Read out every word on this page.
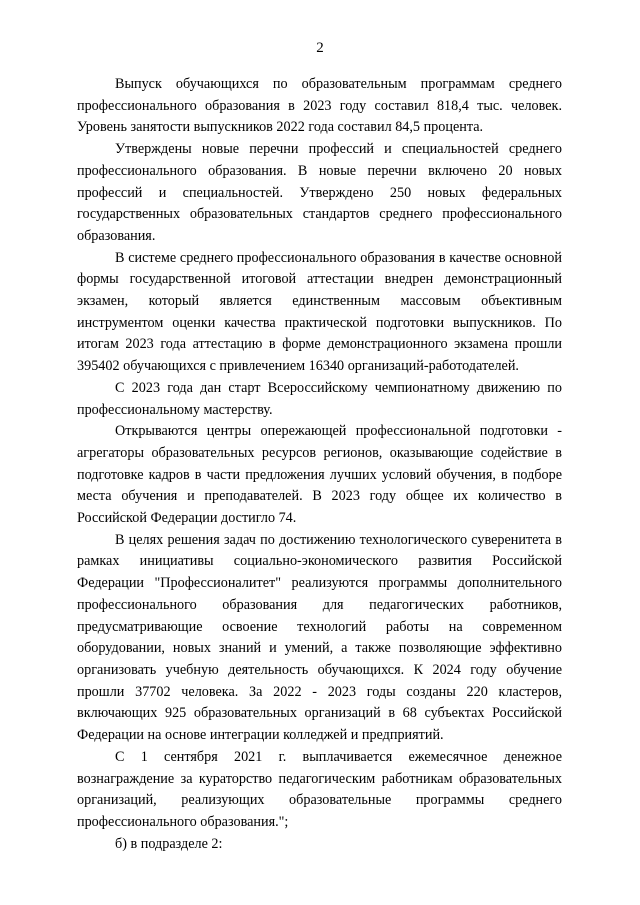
2

Выпуск обучающихся по образовательным программам среднего профессионального образования в 2023 году составил 818,4 тыс. человек. Уровень занятости выпускников 2022 года составил 84,5 процента.

Утверждены новые перечни профессий и специальностей среднего профессионального образования. В новые перечни включено 20 новых профессий и специальностей. Утверждено 250 новых федеральных государственных образовательных стандартов среднего профессионального образования.

В системе среднего профессионального образования в качестве основной формы государственной итоговой аттестации внедрен демонстрационный экзамен, который является единственным массовым объективным инструментом оценки качества практической подготовки выпускников. По итогам 2023 года аттестацию в форме демонстрационного экзамена прошли 395402 обучающихся с привлечением 16340 организаций-работодателей.

С 2023 года дан старт Всероссийскому чемпионатному движению по профессиональному мастерству.

Открываются центры опережающей профессиональной подготовки - агрегаторы образовательных ресурсов регионов, оказывающие содействие в подготовке кадров в части предложения лучших условий обучения, в подборе места обучения и преподавателей. В 2023 году общее их количество в Российской Федерации достигло 74.

В целях решения задач по достижению технологического суверенитета в рамках инициативы социально-экономического развития Российской Федерации "Профессионалитет" реализуются программы дополнительного профессионального образования для педагогических работников, предусматривающие освоение технологий работы на современном оборудовании, новых знаний и умений, а также позволяющие эффективно организовать учебную деятельность обучающихся. К 2024 году обучение прошли 37702 человека. За 2022 - 2023 годы созданы 220 кластеров, включающих 925 образовательных организаций в 68 субъектах Российской Федерации на основе интеграции колледжей и предприятий.

С 1 сентября 2021 г. выплачивается ежемесячное денежное вознаграждение за кураторство педагогическим работникам образовательных организаций, реализующих образовательные программы среднего профессионального образования.";

б) в подразделе 2:
